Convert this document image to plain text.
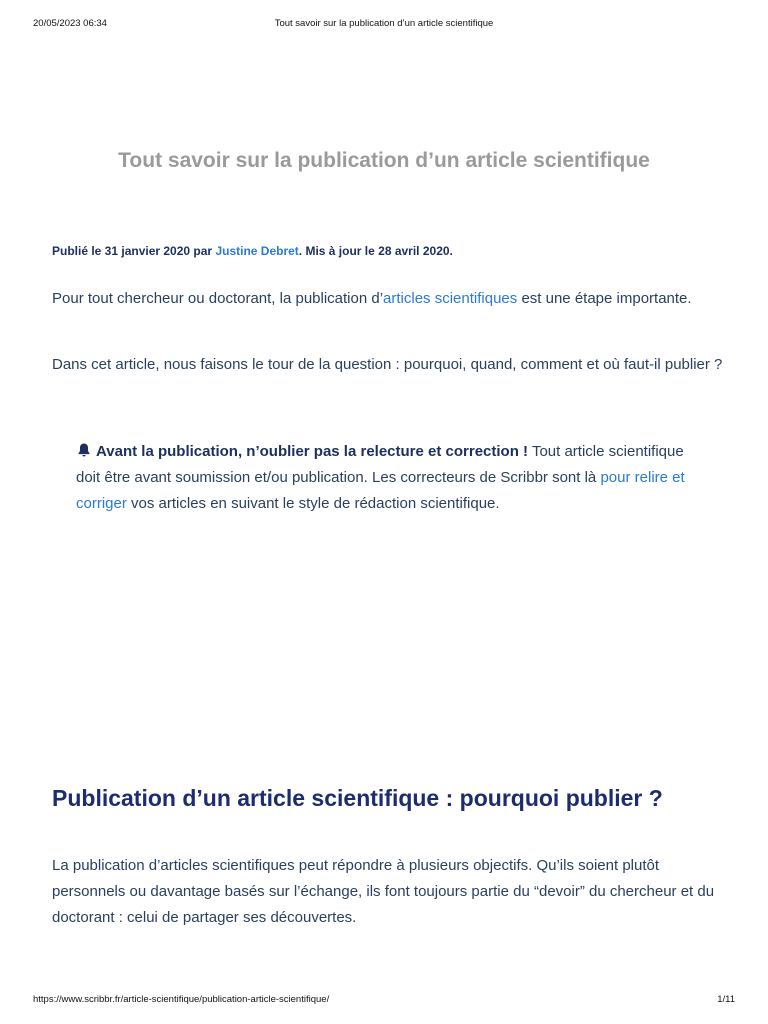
20/05/2023 06:34	Tout savoir sur la publication d’un article scientifique
Tout savoir sur la publication d’un article scientifique

Publié le 31 janvier 2020 par Justine Debret. Mis à jour le 28 avril 2020.

Pour tout chercheur ou doctorant, la publication d’articles scientifiques est une étape importante.

Dans cet article, nous faisons le tour de la question : pourquoi, quand, comment et où faut-il publier ?

Avant la publication, n’oublier pas la relecture et correction ! Tout article scientifique doit être avant soumission et/ou publication. Les correcteurs de Scribbr sont là pour relire et corriger vos articles en suivant le style de rédaction scientifique.

Publication d’un article scientifique : pourquoi publier ?

La publication d’articles scientifiques peut répondre à plusieurs objectifs. Qu’ils soient plutôt personnels ou davantage basés sur l’échange, ils font toujours partie du “devoir” du chercheur et du doctorant : celui de partager ses découvertes.

https://www.scribbr.fr/article-scientifique/publication-article-scientifique/	1/11
